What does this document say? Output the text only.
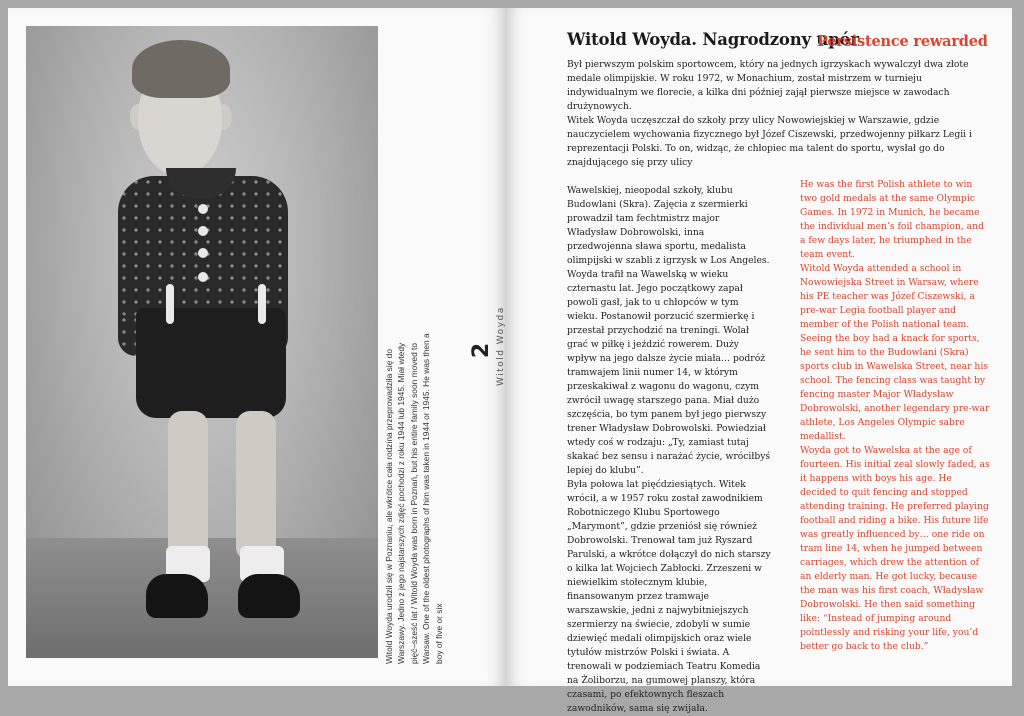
Witold Woyda urodził się w Poznaniu, ale wkrótce cała rodzina przeprowadziła się do Warszawy. Jedno z jego najstarszych zdjęć pochodzi z roku 1944 lub 1945. Miał wtedy pięć–sześć lat / Witold Woyda was born in Poznań, but his entire family soon moved to Warsaw. One of the oldest photographs of him was taken in 1944 or 1945. He was then a boy of five or six
2 Witold Woyda
Witold Woyda. Nagrodzony upór
Persistence rewarded

Był pierwszym polskim sportowcem, który na jednych igrzyskach wywalczył dwa złote medale olimpijskie. W roku 1972, w Monachium, został mistrzem w turnieju indywidualnym we florecie, a kilka dni później zajął pierwsze miejsce w zawodach drużynowych.

Witek Woyda uczęszczał do szkoły przy ulicy Nowowiejskiej w Warszawie, gdzie nauczycielem wychowania fizycznego był Józef Ciszewski, przedwojenny piłkarz Legii i reprezentacji Polski. To on, widząc, że chłopiec ma talent do sportu, wysłał go do znajdującego się przy ulicy

Wawelskiej, nieopodal szkoły, klubu Budowlani (Skra). Zajęcia z szermierki prowadził tam fechtmistrz major Władysław Dobrowolski, inna przedwojenna sława sportu, medalista olimpijski w szabli z igrzysk w Los Angeles. Woyda trafił na Wawelską w wieku czternastu lat. Jego początkowy zapał powoli gasł, jak to u chłopców w tym wieku. Postanowił porzucić szermierkę i przestał przychodzić na treningi. Wolał grać w piłkę i jeździć rowerem. Duży wpływ na jego dalsze życie miała… podróż tramwajem linii numer 14, w którym przeskakiwał z wagonu do wagonu, czym zwrócił uwagę starszego pana. Miał dużo szczęścia, bo tym panem był jego pierwszy trener Władysław Dobrowolski. Powiedział wtedy coś w rodzaju: „Ty, zamiast tutaj skakać bez sensu i narażać życie, wróciłbyś lepiej do klubu”.

Była połowa lat pięćdziesiątych. Witek wrócił, a w 1957 roku został zawodnikiem Robotniczego Klubu Sportowego „Marymont”, gdzie przeniósł się również Dobrowolski. Trenował tam już Ryszard Parulski, a wkrótce dołączył do nich starszy o kilka lat Wojciech Zabłocki. Zrzeszeni w niewielkim stołecznym klubie, finansowanym przez tramwaje warszawskie, jedni z najwybitniejszych szermierzy na świecie, zdobyli w sumie dziewięć medali olimpijskich oraz wiele tytułów mistrzów Polski i świata. A trenowali w podziemiach Teatru Komedia na Żoliborzu, na gumowej planszy, która czasami, po efektownych fleszach zawodników, sama się zwijała.

He was the first Polish athlete to win two gold medals at the same Olympic Games. In 1972 in Munich, he became the individual men’s foil champion, and a few days later, he triumphed in the team event.

Witold Woyda attended a school in Nowowiejska Street in Warsaw, where his PE teacher was Józef Ciszewski, a pre-war Legia football player and member of the Polish national team. Seeing the boy had a knack for sports, he sent him to the Budowlani (Skra) sports club in Wawelska Street, near his school. The fencing class was taught by fencing master Major Władysław Dobrowolski, another legendary pre-war athlete, Los Angeles Olympic sabre medallist.

Woyda got to Wawelska at the age of fourteen. His initial zeal slowly faded, as it happens with boys his age. He decided to quit fencing and stopped attending training. He preferred playing football and riding a bike. His future life was greatly influenced by… one ride on tram line 14, when he jumped between carriages, which drew the attention of an elderly man. He got lucky, because the man was his first coach, Władysław Dobrowolski. He then said something like: “Instead of jumping around pointlessly and risking your life, you’d better go back to the club.”
